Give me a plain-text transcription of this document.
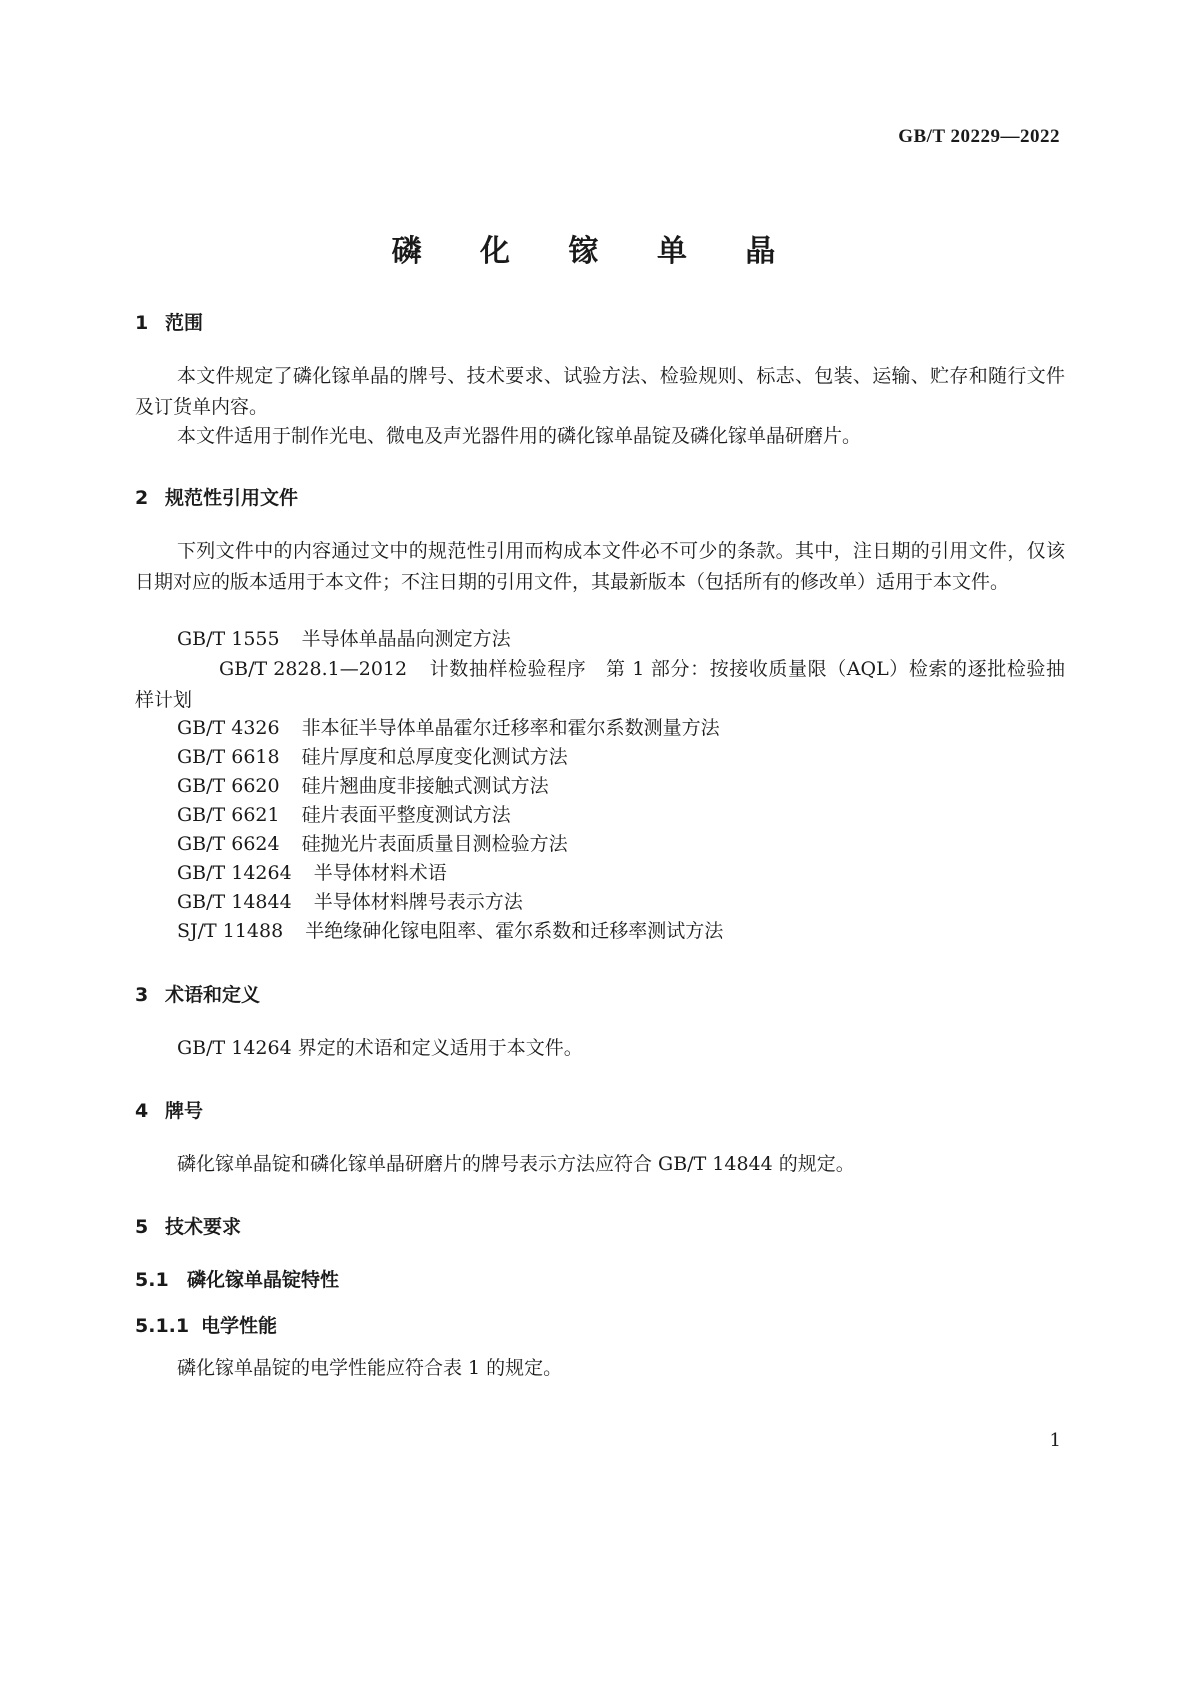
GB/T 20229—2022
磷 化 镓 单 晶
1 范围
本文件规定了磷化镓单晶的牌号、技术要求、试验方法、检验规则、标志、包装、运输、贮存和随行文件及订货单内容。
本文件适用于制作光电、微电及声光器件用的磷化镓单晶锭及磷化镓单晶研磨片。
2 规范性引用文件
下列文件中的内容通过文中的规范性引用而构成本文件必不可少的条款。其中，注日期的引用文件，仅该日期对应的版本适用于本文件；不注日期的引用文件，其最新版本（包括所有的修改单）适用于本文件。
GB/T 1555 半导体单晶晶向测定方法
GB/T 2828.1—2012 计数抽样检验程序　第 1 部分：按接收质量限（AQL）检索的逐批检验抽样计划
GB/T 4326 非本征半导体单晶霍尔迁移率和霍尔系数测量方法
GB/T 6618 硅片厚度和总厚度变化测试方法
GB/T 6620 硅片翘曲度非接触式测试方法
GB/T 6621 硅片表面平整度测试方法
GB/T 6624 硅抛光片表面质量目测检验方法
GB/T 14264 半导体材料术语
GB/T 14844 半导体材料牌号表示方法
SJ/T 11488 半绝缘砷化镓电阻率、霍尔系数和迁移率测试方法
3 术语和定义
GB/T 14264 界定的术语和定义适用于本文件。
4 牌号
磷化镓单晶锭和磷化镓单晶研磨片的牌号表示方法应符合 GB/T 14844 的规定。
5 技术要求
5.1 磷化镓单晶锭特性
5.1.1 电学性能
磷化镓单晶锭的电学性能应符合表 1 的规定。
1
